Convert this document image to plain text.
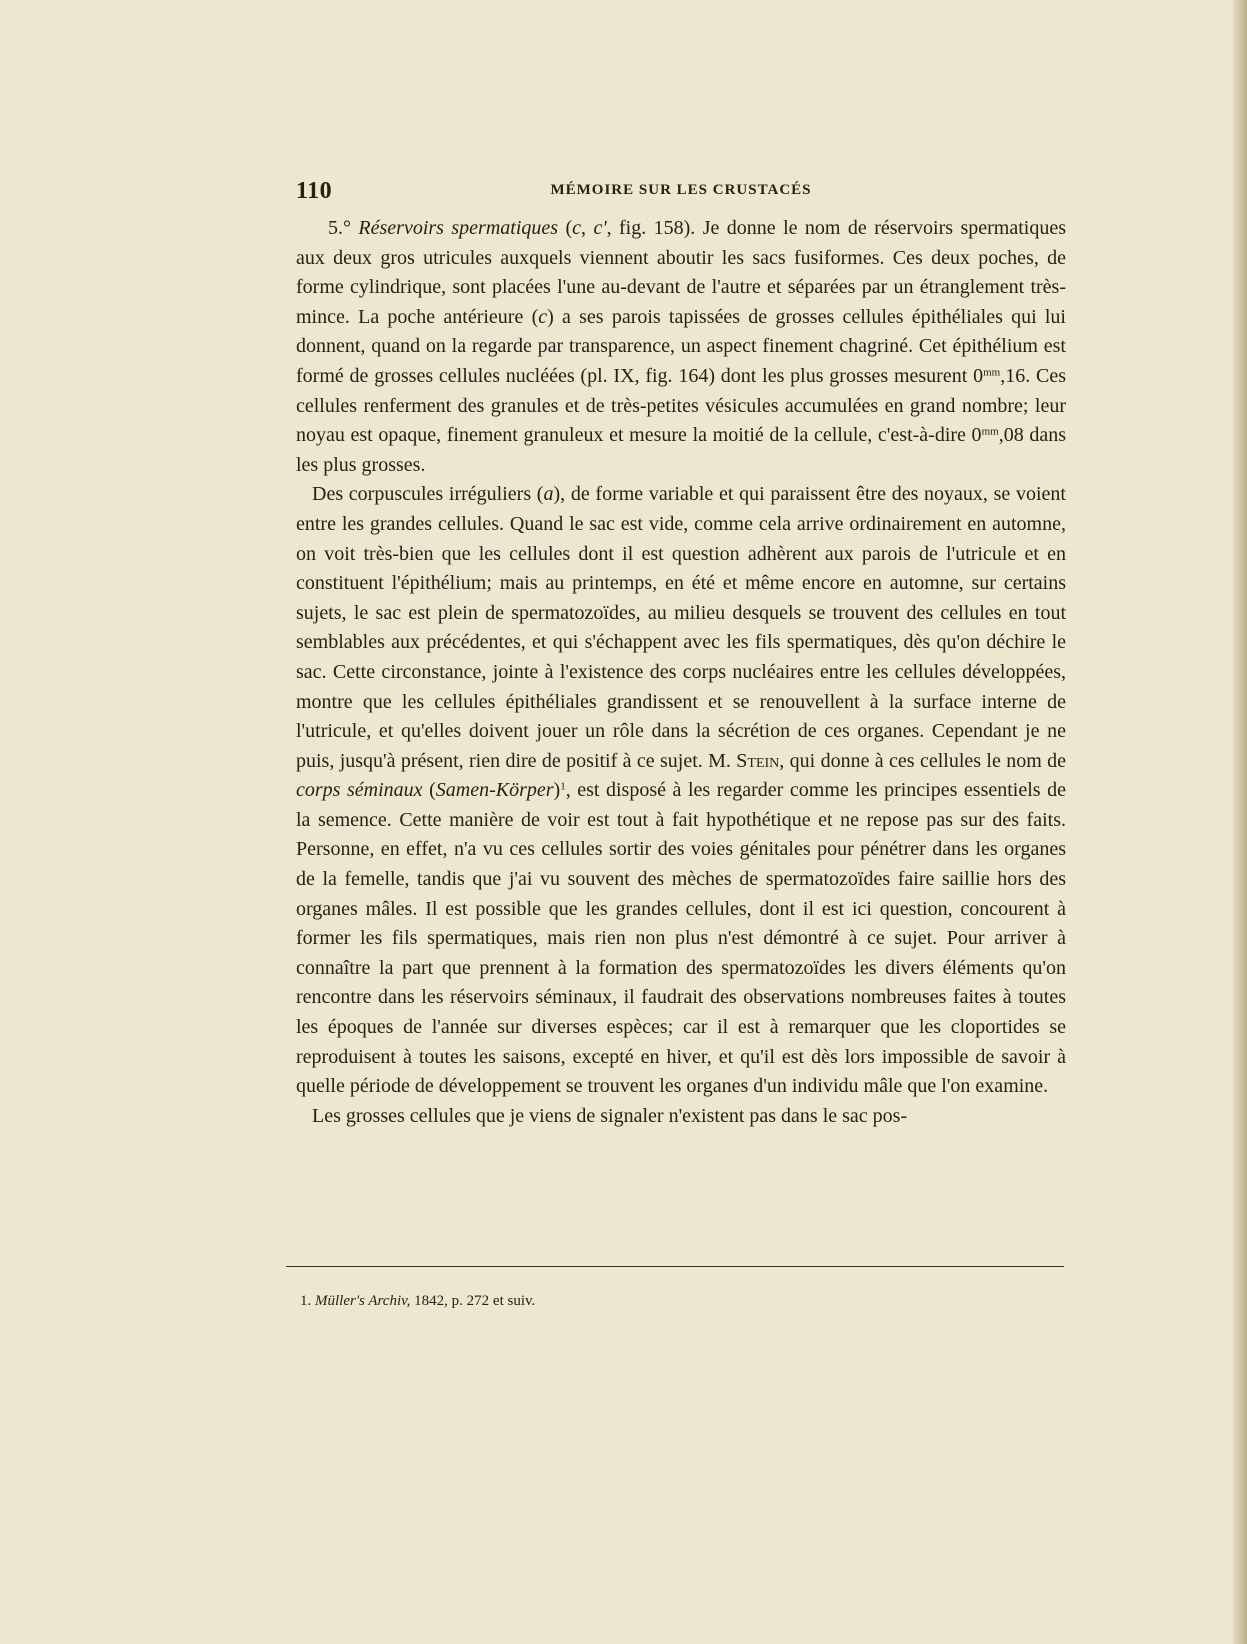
110	MÉMOIRE SUR LES CRUSTACÉS

5.° Réservoirs spermatiques (c, c', fig. 158). Je donne le nom de réservoirs spermatiques aux deux gros utricules auxquels viennent aboutir les sacs fusiformes. Ces deux poches, de forme cylindrique, sont placées l'une au-devant de l'autre et séparées par un étranglement très-mince. La poche antérieure (c) a ses parois tapissées de grosses cellules épithéliales qui lui donnent, quand on la regarde par transparence, un aspect finement chagriné. Cet épithélium est formé de grosses cellules nucléées (pl. IX, fig. 164) dont les plus grosses mesurent $0^{mm},16$. Ces cellules renferment des granules et de très-petites vésicules accumulées en grand nombre; leur noyau est opaque, finement granuleux et mesure la moitié de la cellule, c'est-à-dire $0^{mm},08$ dans les plus grosses.

Des corpuscules irréguliers (a), de forme variable et qui paraissent être des noyaux, se voient entre les grandes cellules. Quand le sac est vide, comme cela arrive ordinairement en automne, on voit très-bien que les cellules dont il est question adhèrent aux parois de l'utricule et en constituent l'épithélium; mais au printemps, en été et même encore en automne, sur certains sujets, le sac est plein de spermatozoïdes, au milieu desquels se trouvent des cellules en tout semblables aux précédentes, et qui s'échappent avec les fils spermatiques, dès qu'on déchire le sac. Cette circonstance, jointe à l'existence des corps nucléaires entre les cellules développées, montre que les cellules épithéliales grandissent et se renouvellent à la surface interne de l'utricule, et qu'elles doivent jouer un rôle dans la sécrétion de ces organes. Cependant je ne puis, jusqu'à présent, rien dire de positif à ce sujet. M. Stein, qui donne à ces cellules le nom de corps séminaux (Samen-Körper)$^1$, est disposé à les regarder comme les principes essentiels de la semence. Cette manière de voir est tout à fait hypothétique et ne repose pas sur des faits. Personne, en effet, n'a vu ces cellules sortir des voies génitales pour pénétrer dans les organes de la femelle, tandis que j'ai vu souvent des mèches de spermatozoïdes faire saillie hors des organes mâles. Il est possible que les grandes cellules, dont il est ici question, concourent à former les fils spermatiques, mais rien non plus n'est démontré à ce sujet. Pour arriver à connaître la part que prennent à la formation des spermatozoïdes les divers éléments qu'on rencontre dans les réservoirs séminaux, il faudrait des observations nombreuses faites à toutes les époques de l'année sur diverses espèces; car il est à remarquer que les cloportides se reproduisent à toutes les saisons, excepté en hiver, et qu'il est dès lors impossible de savoir à quelle période de développement se trouvent les organes d'un individu mâle que l'on examine.

Les grosses cellules que je viens de signaler n'existent pas dans le sac pos-

1. Müller's Archiv, 1842, p. 272 et suiv.
